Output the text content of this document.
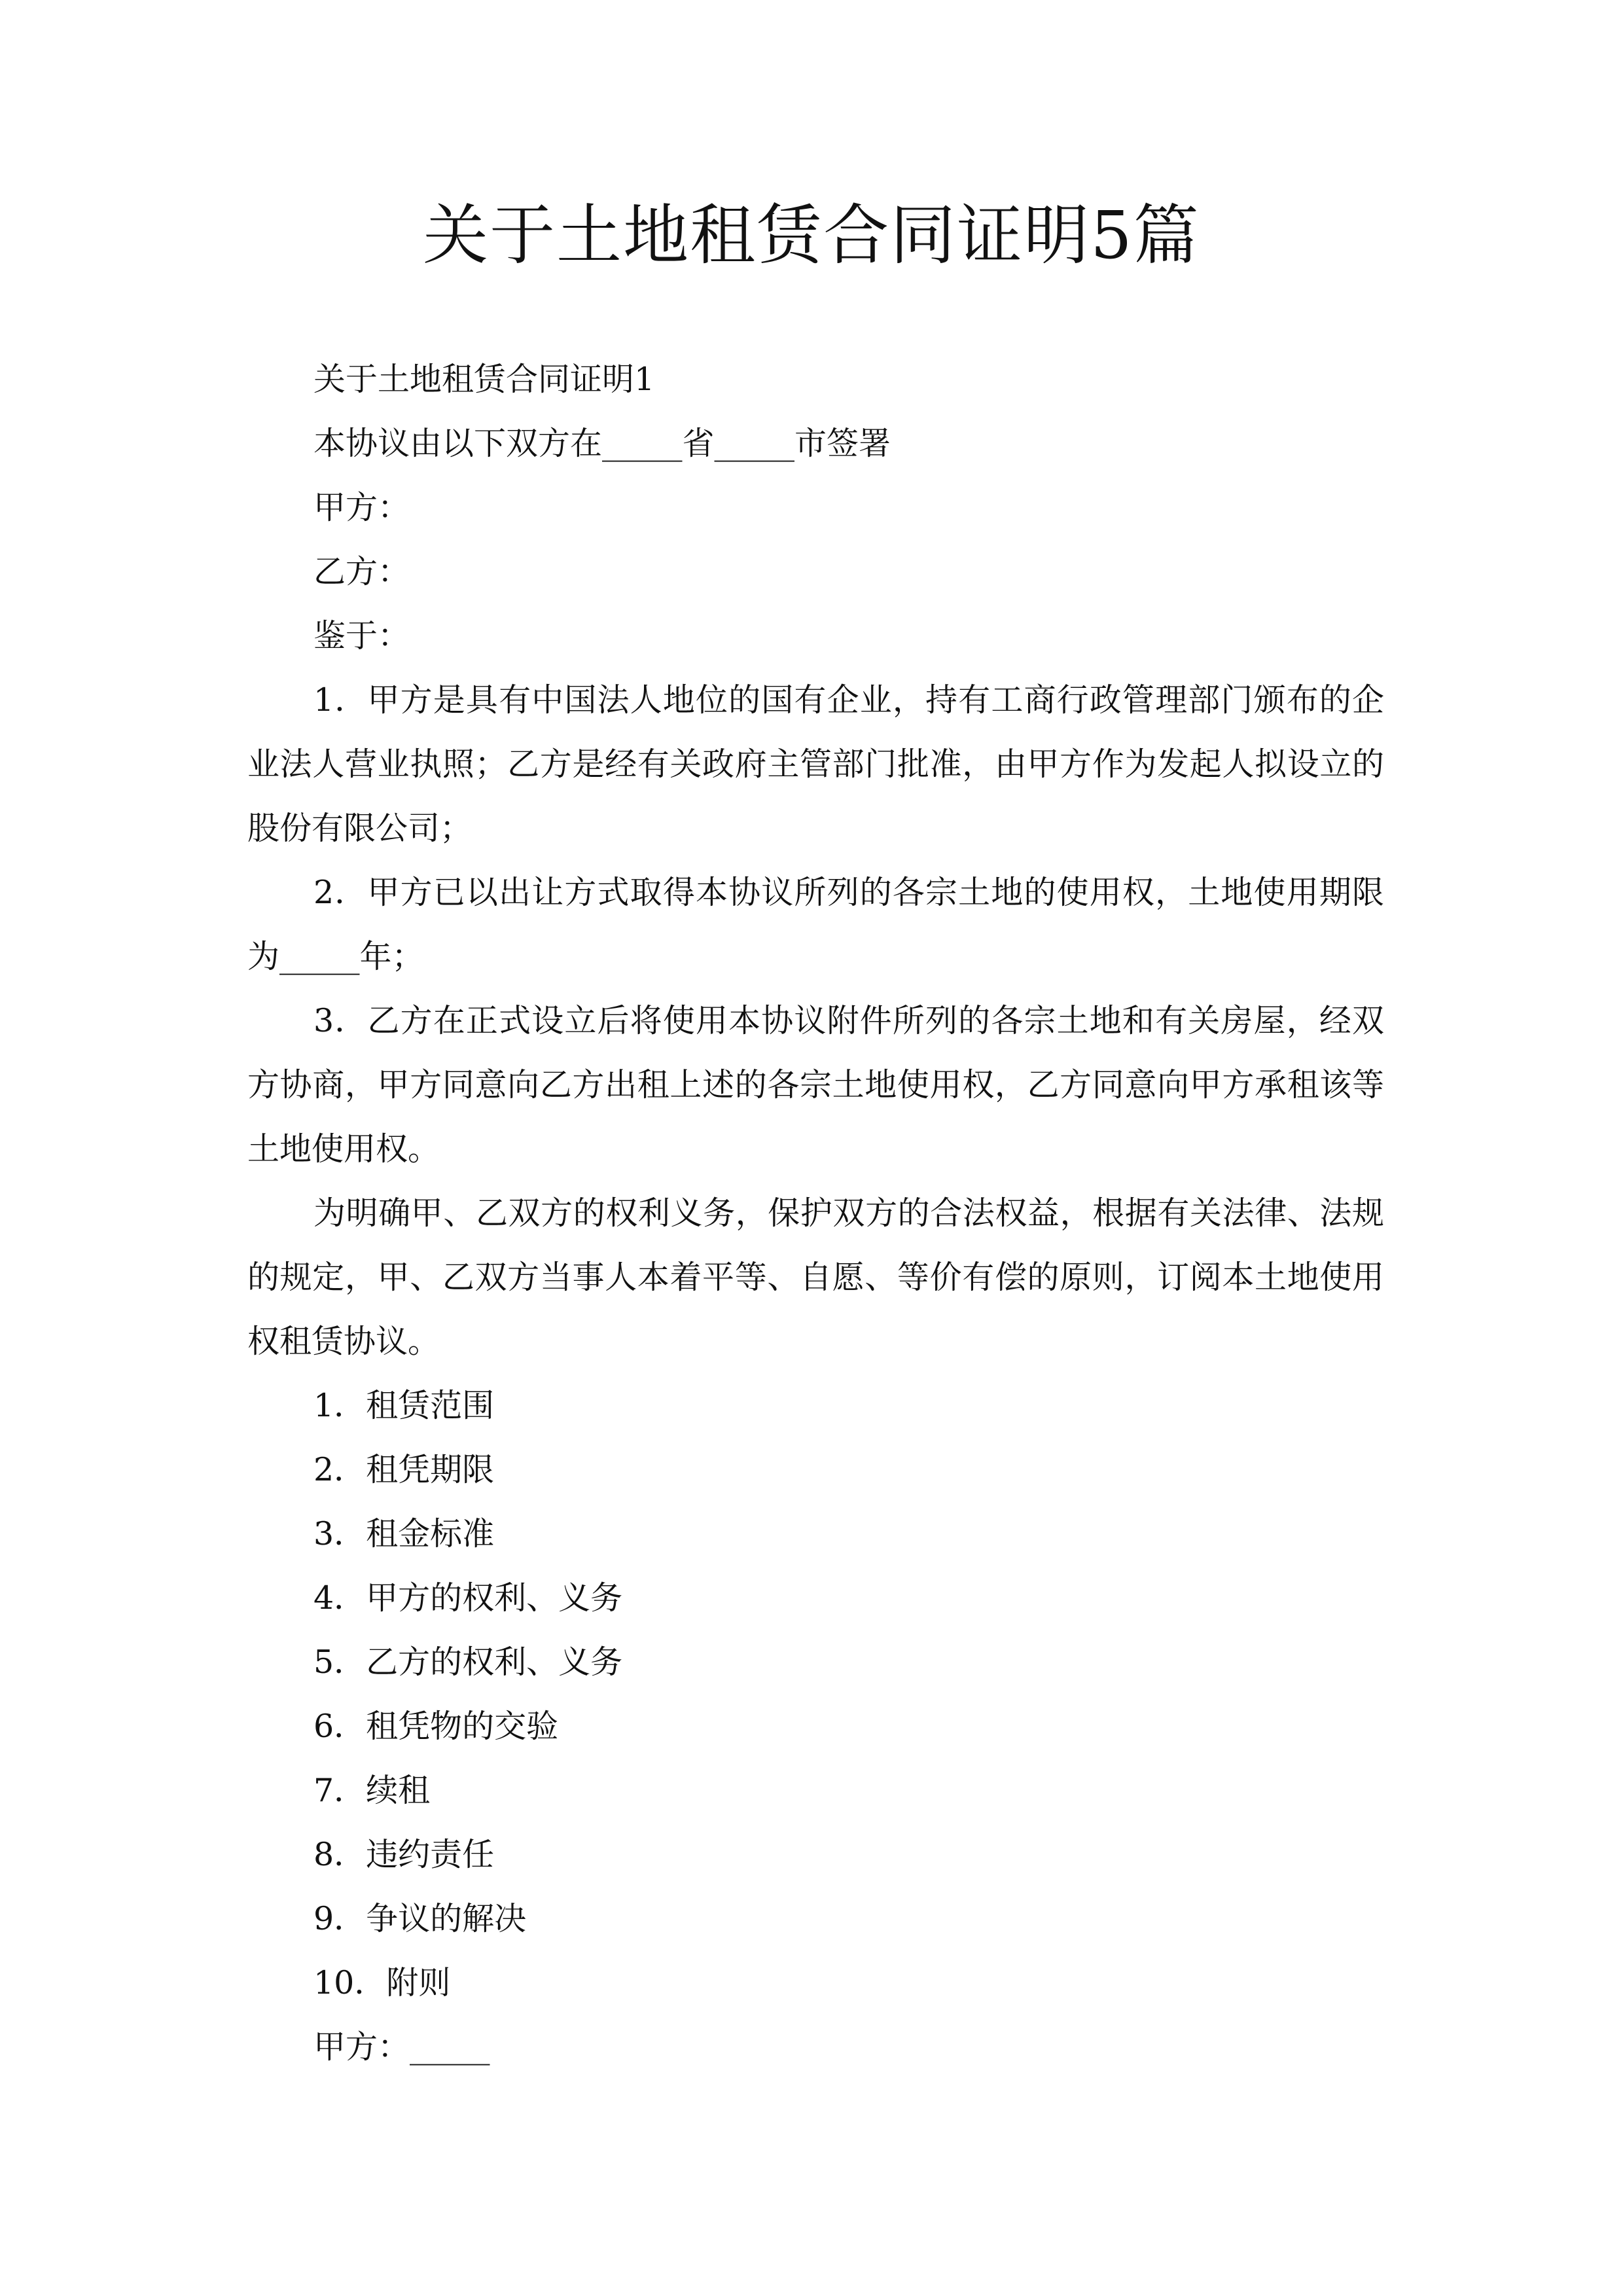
关于土地租赁合同证明5篇
关于土地租赁合同证明1
本协议由以下双方在_____省_____市签署
甲方：
乙方：
鉴于：
1．甲方是具有中国法人地位的国有企业，持有工商行政管理部门颁布的企
业法人营业执照；乙方是经有关政府主管部门批准，由甲方作为发起人拟设立的
股份有限公司；
2．甲方已以出让方式取得本协议所列的各宗土地的使用权，土地使用期限
为_____年；
3．乙方在正式设立后将使用本协议附件所列的各宗土地和有关房屋，经双
方协商，甲方同意向乙方出租上述的各宗土地使用权，乙方同意向甲方承租该等
土地使用权。
为明确甲、乙双方的权利义务，保护双方的合法权益，根据有关法律、法规
的规定，甲、乙双方当事人本着平等、自愿、等价有偿的原则，订阅本土地使用
权租赁协议。
1．租赁范围
2．租凭期限
3．租金标准
4．甲方的权利、义务
5．乙方的权利、义务
6．租凭物的交验
7．续租
8．违约责任
9．争议的解决
10．附则
甲方：_____
